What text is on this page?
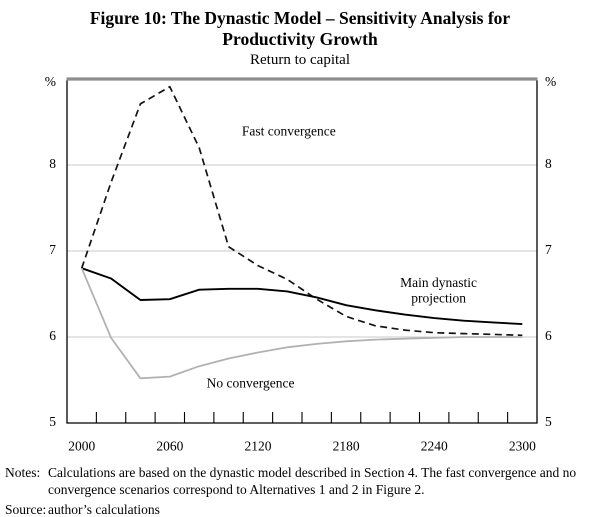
Figure 10: The Dynastic Model – Sensitivity Analysis for
Productivity Growth
Return to capital
5	5
6	6
7	7
8	8
%	%
2000	2060	2120	2180	2240	2300
Fast convergence
Main dynastic
projection
No convergence
Notes: Calculations are based on the dynastic model described in Section 4. The fast convergence and no convergence scenarios correspond to Alternatives 1 and 2 in Figure 2.
Source: author’s calculations
